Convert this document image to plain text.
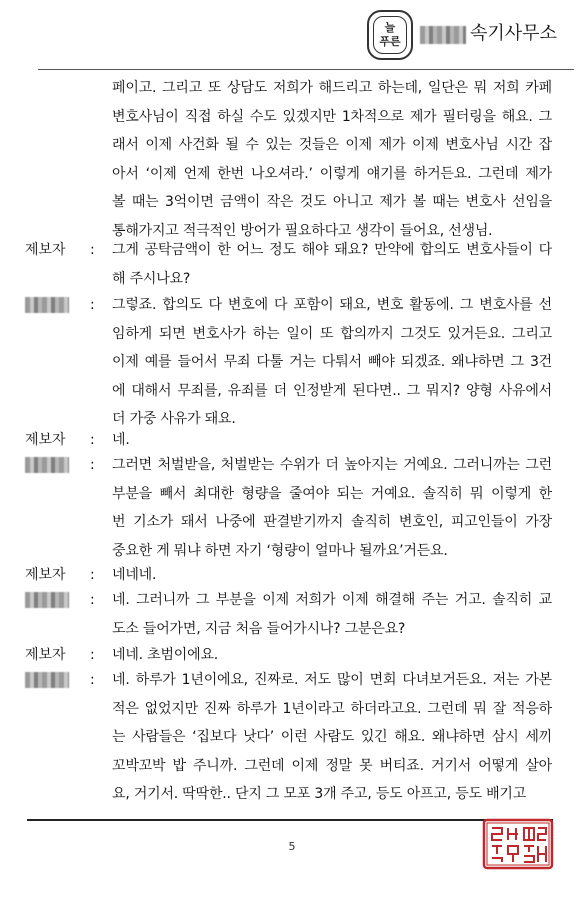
늘
푸른	속기사무소
페이고. 그리고 또 상담도 저희가 해드리고 하는데, 일단은 뭐 저희 카페
변호사님이 직접 하실 수도 있겠지만 1차적으로 제가 필터링을 해요. 그
래서 이제 사건화 될 수 있는 것들은 이제 제가 이제 변호사님 시간 잡
아서 ‘이제 언제 한번 나오셔라.’ 이렇게 얘기를 하거든요. 그런데 제가
볼 때는 3억이면 금액이 작은 것도 아니고 제가 볼 때는 변호사 선임을
통해가지고 적극적인 방어가 필요하다고 생각이 들어요, 선생님.
제보자 : 그게 공탁금액이 한 어느 정도 해야 돼요? 만약에 합의도 변호사들이 다
해 주시나요?
: 그렇죠. 합의도 다 변호에 다 포함이 돼요, 변호 활동에. 그 변호사를 선
임하게 되면 변호사가 하는 일이 또 합의까지 그것도 있거든요. 그리고
이제 예를 들어서 무죄 다툴 거는 다퉈서 빼야 되겠죠. 왜냐하면 그 3건
에 대해서 무죄를, 유죄를 더 인정받게 된다면.. 그 뭐지? 양형 사유에서
더 가중 사유가 돼요.
제보자 : 네.
: 그러면 처벌받을, 처벌받는 수위가 더 높아지는 거예요. 그러니까는 그런
부분을 빼서 최대한 형량을 줄여야 되는 거예요. 솔직히 뭐 이렇게 한
번 기소가 돼서 나중에 판결받기까지 솔직히 변호인, 피고인들이 가장
중요한 게 뭐냐 하면 자기 ‘형량이 얼마나 될까요’거든요.
제보자 : 네네네.
: 네. 그러니까 그 부분을 이제 저희가 이제 해결해 주는 거고. 솔직히 교
도소 들어가면, 지금 처음 들어가시나? 그분은요?
제보자 : 네네. 초범이에요.
: 네. 하루가 1년이에요, 진짜로. 저도 많이 면회 다녀보거든요. 저는 가본
적은 없었지만 진짜 하루가 1년이라고 하더라고요. 그런데 뭐 잘 적응하
는 사람들은 ‘집보다 낫다’ 이런 사람도 있긴 해요. 왜냐하면 삼시 세끼
꼬박꼬박 밥 주니까. 그런데 이제 정말 못 버티죠. 거기서 어떻게 살아
요, 거기서. 딱딱한.. 단지 그 모포 3개 주고, 등도 아프고, 등도 배기고
5
